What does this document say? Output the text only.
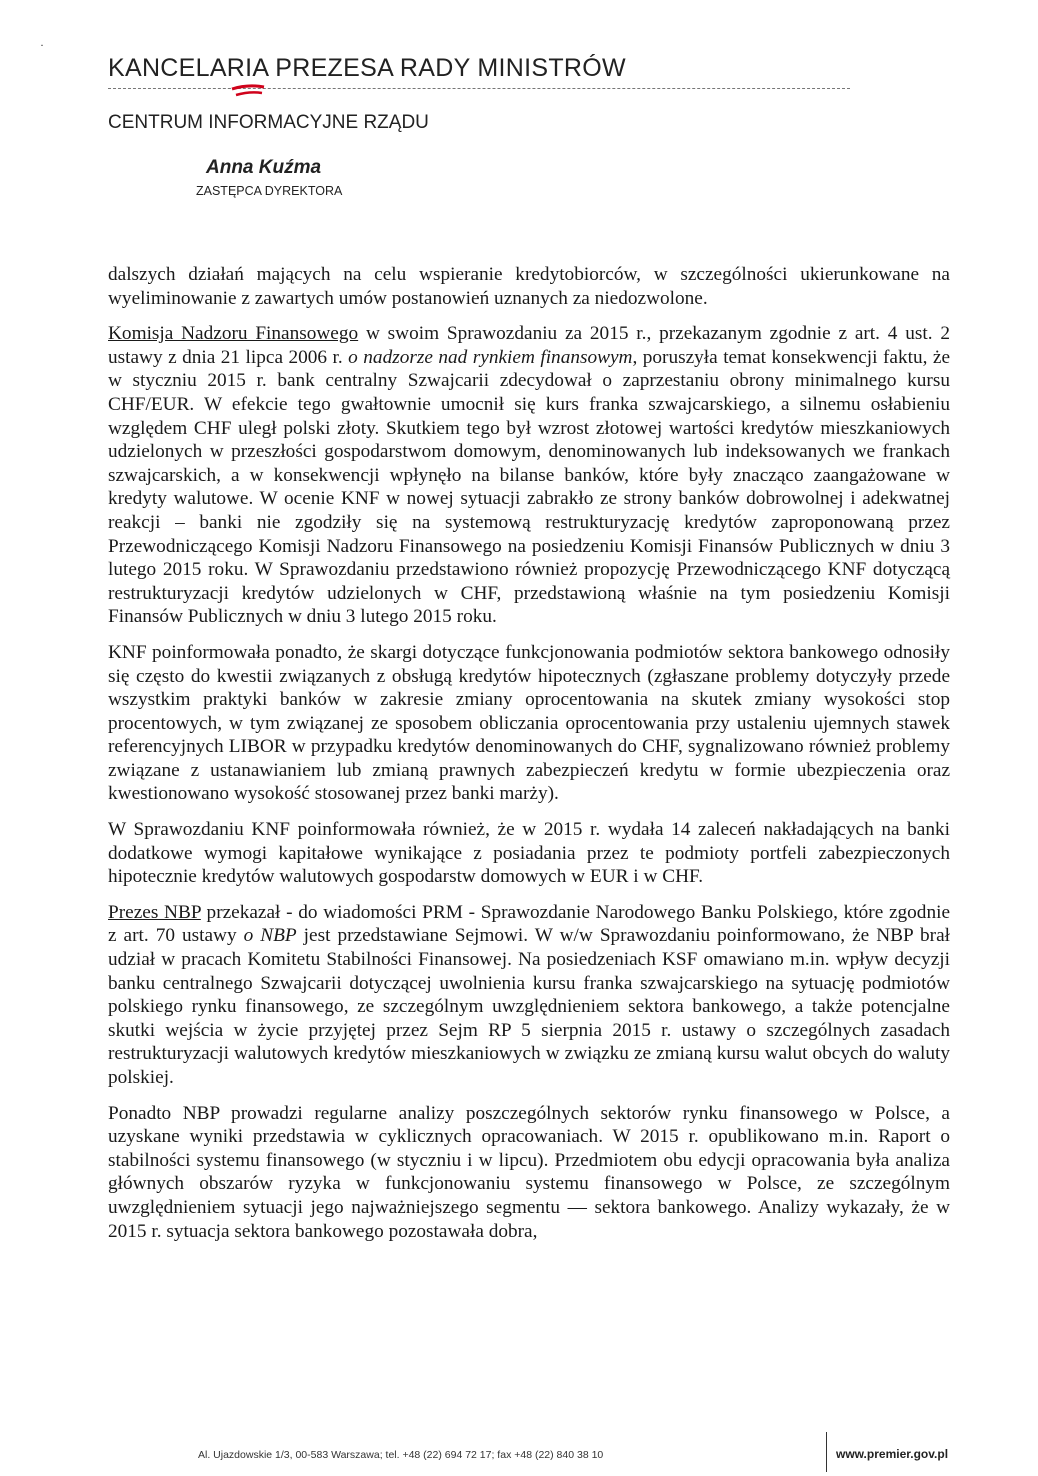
·
KANCELARIA PREZESA RADY MINISTRÓW
CENTRUM INFORMACYJNE RZĄDU
Anna Kuźma
ZASTĘPCA DYREKTORA

dalszych działań mających na celu wspieranie kredytobiorców, w szczególności ukierunkowane na wyeliminowanie z zawartych umów postanowień uznanych za niedozwolone.

Komisja Nadzoru Finansowego w swoim Sprawozdaniu za 2015 r., przekazanym zgodnie z art. 4 ust. 2 ustawy z dnia 21 lipca 2006 r. o nadzorze nad rynkiem finansowym, poruszyła temat konsekwencji faktu, że w styczniu 2015 r. bank centralny Szwajcarii zdecydował o zaprzestaniu obrony minimalnego kursu CHF/EUR. W efekcie tego gwałtownie umocnił się kurs franka szwajcarskiego, a silnemu osłabieniu względem CHF uległ polski złoty. Skutkiem tego był wzrost złotowej wartości kredytów mieszkaniowych udzielonych w przeszłości gospodarstwom domowym, denominowanych lub indeksowanych we frankach szwajcarskich, a w konsekwencji wpłynęło na bilanse banków, które były znacząco zaangażowane w kredyty walutowe. W ocenie KNF w nowej sytuacji zabrakło ze strony banków dobrowolnej i adekwatnej reakcji – banki nie zgodziły się na systemową restrukturyzację kredytów zaproponowaną przez Przewodniczącego Komisji Nadzoru Finansowego na posiedzeniu Komisji Finansów Publicznych w dniu 3 lutego 2015 roku. W Sprawozdaniu przedstawiono również propozycję Przewodniczącego KNF dotyczącą restrukturyzacji kredytów udzielonych w CHF, przedstawioną właśnie na tym posiedzeniu Komisji Finansów Publicznych w dniu 3 lutego 2015 roku.

KNF poinformowała ponadto, że skargi dotyczące funkcjonowania podmiotów sektora bankowego odnosiły się często do kwestii związanych z obsługą kredytów hipotecznych (zgłaszane problemy dotyczyły przede wszystkim praktyki banków w zakresie zmiany oprocentowania na skutek zmiany wysokości stop procentowych, w tym związanej ze sposobem obliczania oprocentowania przy ustaleniu ujemnych stawek referencyjnych LIBOR w przypadku kredytów denominowanych do CHF, sygnalizowano również problemy związane z ustanawianiem lub zmianą prawnych zabezpieczeń kredytu w formie ubezpieczenia oraz kwestionowano wysokość stosowanej przez banki marży).

W Sprawozdaniu KNF poinformowała również, że w 2015 r. wydała 14 zaleceń nakładających na banki dodatkowe wymogi kapitałowe wynikające z posiadania przez te podmioty portfeli zabezpieczonych hipotecznie kredytów walutowych gospodarstw domowych w EUR i w CHF.

Prezes NBP przekazał - do wiadomości PRM - Sprawozdanie Narodowego Banku Polskiego, które zgodnie z art. 70 ustawy o NBP jest przedstawiane Sejmowi. W w/w Sprawozdaniu poinformowano, że NBP brał udział w pracach Komitetu Stabilności Finansowej. Na posiedzeniach KSF omawiano m.in. wpływ decyzji banku centralnego Szwajcarii dotyczącej uwolnienia kursu franka szwajcarskiego na sytuację podmiotów polskiego rynku finansowego, ze szczególnym uwzględnieniem sektora bankowego, a także potencjalne skutki wejścia w życie przyjętej przez Sejm RP 5 sierpnia 2015 r. ustawy o szczególnych zasadach restrukturyzacji walutowych kredytów mieszkaniowych w związku ze zmianą kursu walut obcych do waluty polskiej.

Ponadto NBP prowadzi regularne analizy poszczególnych sektorów rynku finansowego w Polsce, a uzyskane wyniki przedstawia w cyklicznych opracowaniach. W 2015 r. opublikowano m.in. Raport o stabilności systemu finansowego (w styczniu i w lipcu). Przedmiotem obu edycji opracowania była analiza głównych obszarów ryzyka w funkcjonowaniu systemu finansowego w Polsce, ze szczególnym uwzględnieniem sytuacji jego najważniejszego segmentu — sektora bankowego. Analizy wykazały, że w 2015 r. sytuacja sektora bankowego pozostawała dobra,

Al. Ujazdowskie 1/3, 00-583 Warszawa; tel. +48 (22) 694 72 17; fax +48 (22) 840 38 10	www.premier.gov.pl
